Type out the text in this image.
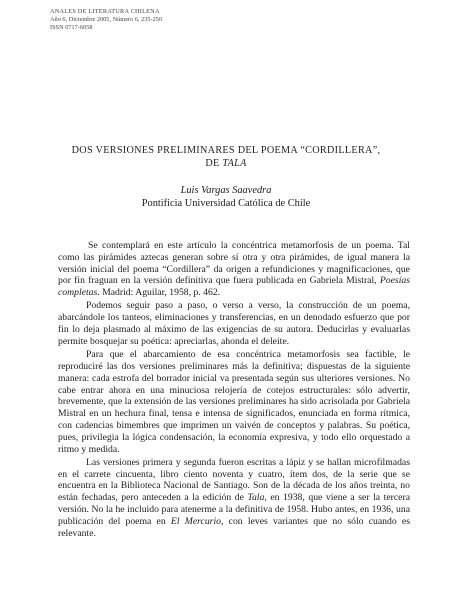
ANALES DE LITERATURA CHILENA
Año 6, Diciembre 2005, Número 6, 235-250
ISSN 0717-6058
DOS VERSIONES PRELIMINARES DEL POEMA “CORDILLERA”,
DE TALA
Luis Vargas Saavedra
Pontificia Universidad Católica de Chile

Se contemplará en este artículo la concéntrica metamorfosis de un poema. Tal como las pirámides aztecas generan sobre sí otra y otra pirámides, de igual manera la versión inicial del poema “Cordillera” da origen a refundiciones y magnificaciones, que por fin fraguan en la versión definitiva que fuera publicada en Gabriela Mistral, Poesías completas. Madrid: Aguilar, 1958, p. 462.

Podemos seguir paso a paso, o verso a verso, la construcción de un poema, abarcándole los tanteos, eliminaciones y transferencias, en un denodado esfuerzo que por fin lo deja plasmado al máximo de las exigencias de su autora. Deducirlas y evaluarlas permite bosquejar su poética: apreciarlas, ahonda el deleite.

Para que el abarcamiento de esa concéntrica metamorfosis sea factible, le reproduciré las dos versiones preliminares más la definitiva; dispuestas de la siguiente manera: cada estrofa del borrador inicial va presentada según sus ulteriores versiones. No cabe entrar ahora en una minuciosa relojería de cotejos estructurales: sólo advertir, brevemente, que la extensión de las versiones preliminares ha sido acrisolada por Gabriela Mistral en un hechura final, tensa e intensa de significados, enunciada en forma rítmica, con cadencias bimembres que imprimen un vaivén de conceptos y palabras. Su poética, pues, privilegia la lógica condensación, la economía expresiva, y todo ello orquestado a ritmo y medida.

Las versiones primera y segunda fueron escritas a lápiz y se hallan microfilmadas en el carrete cincuenta, libro ciento noventa y cuatro, ítem dos, de la serie que se encuentra en la Biblioteca Nacional de Santiago. Son de la década de los años treinta, no están fechadas, pero anteceden a la edición de Tala, en 1938, que viene a ser la tercera versión. No la he incluido para atenerme a la definitiva de 1958. Hubo antes, en 1936, una publicación del poema en El Mercurio, con leves variantes que no sólo cuando es relevante.
